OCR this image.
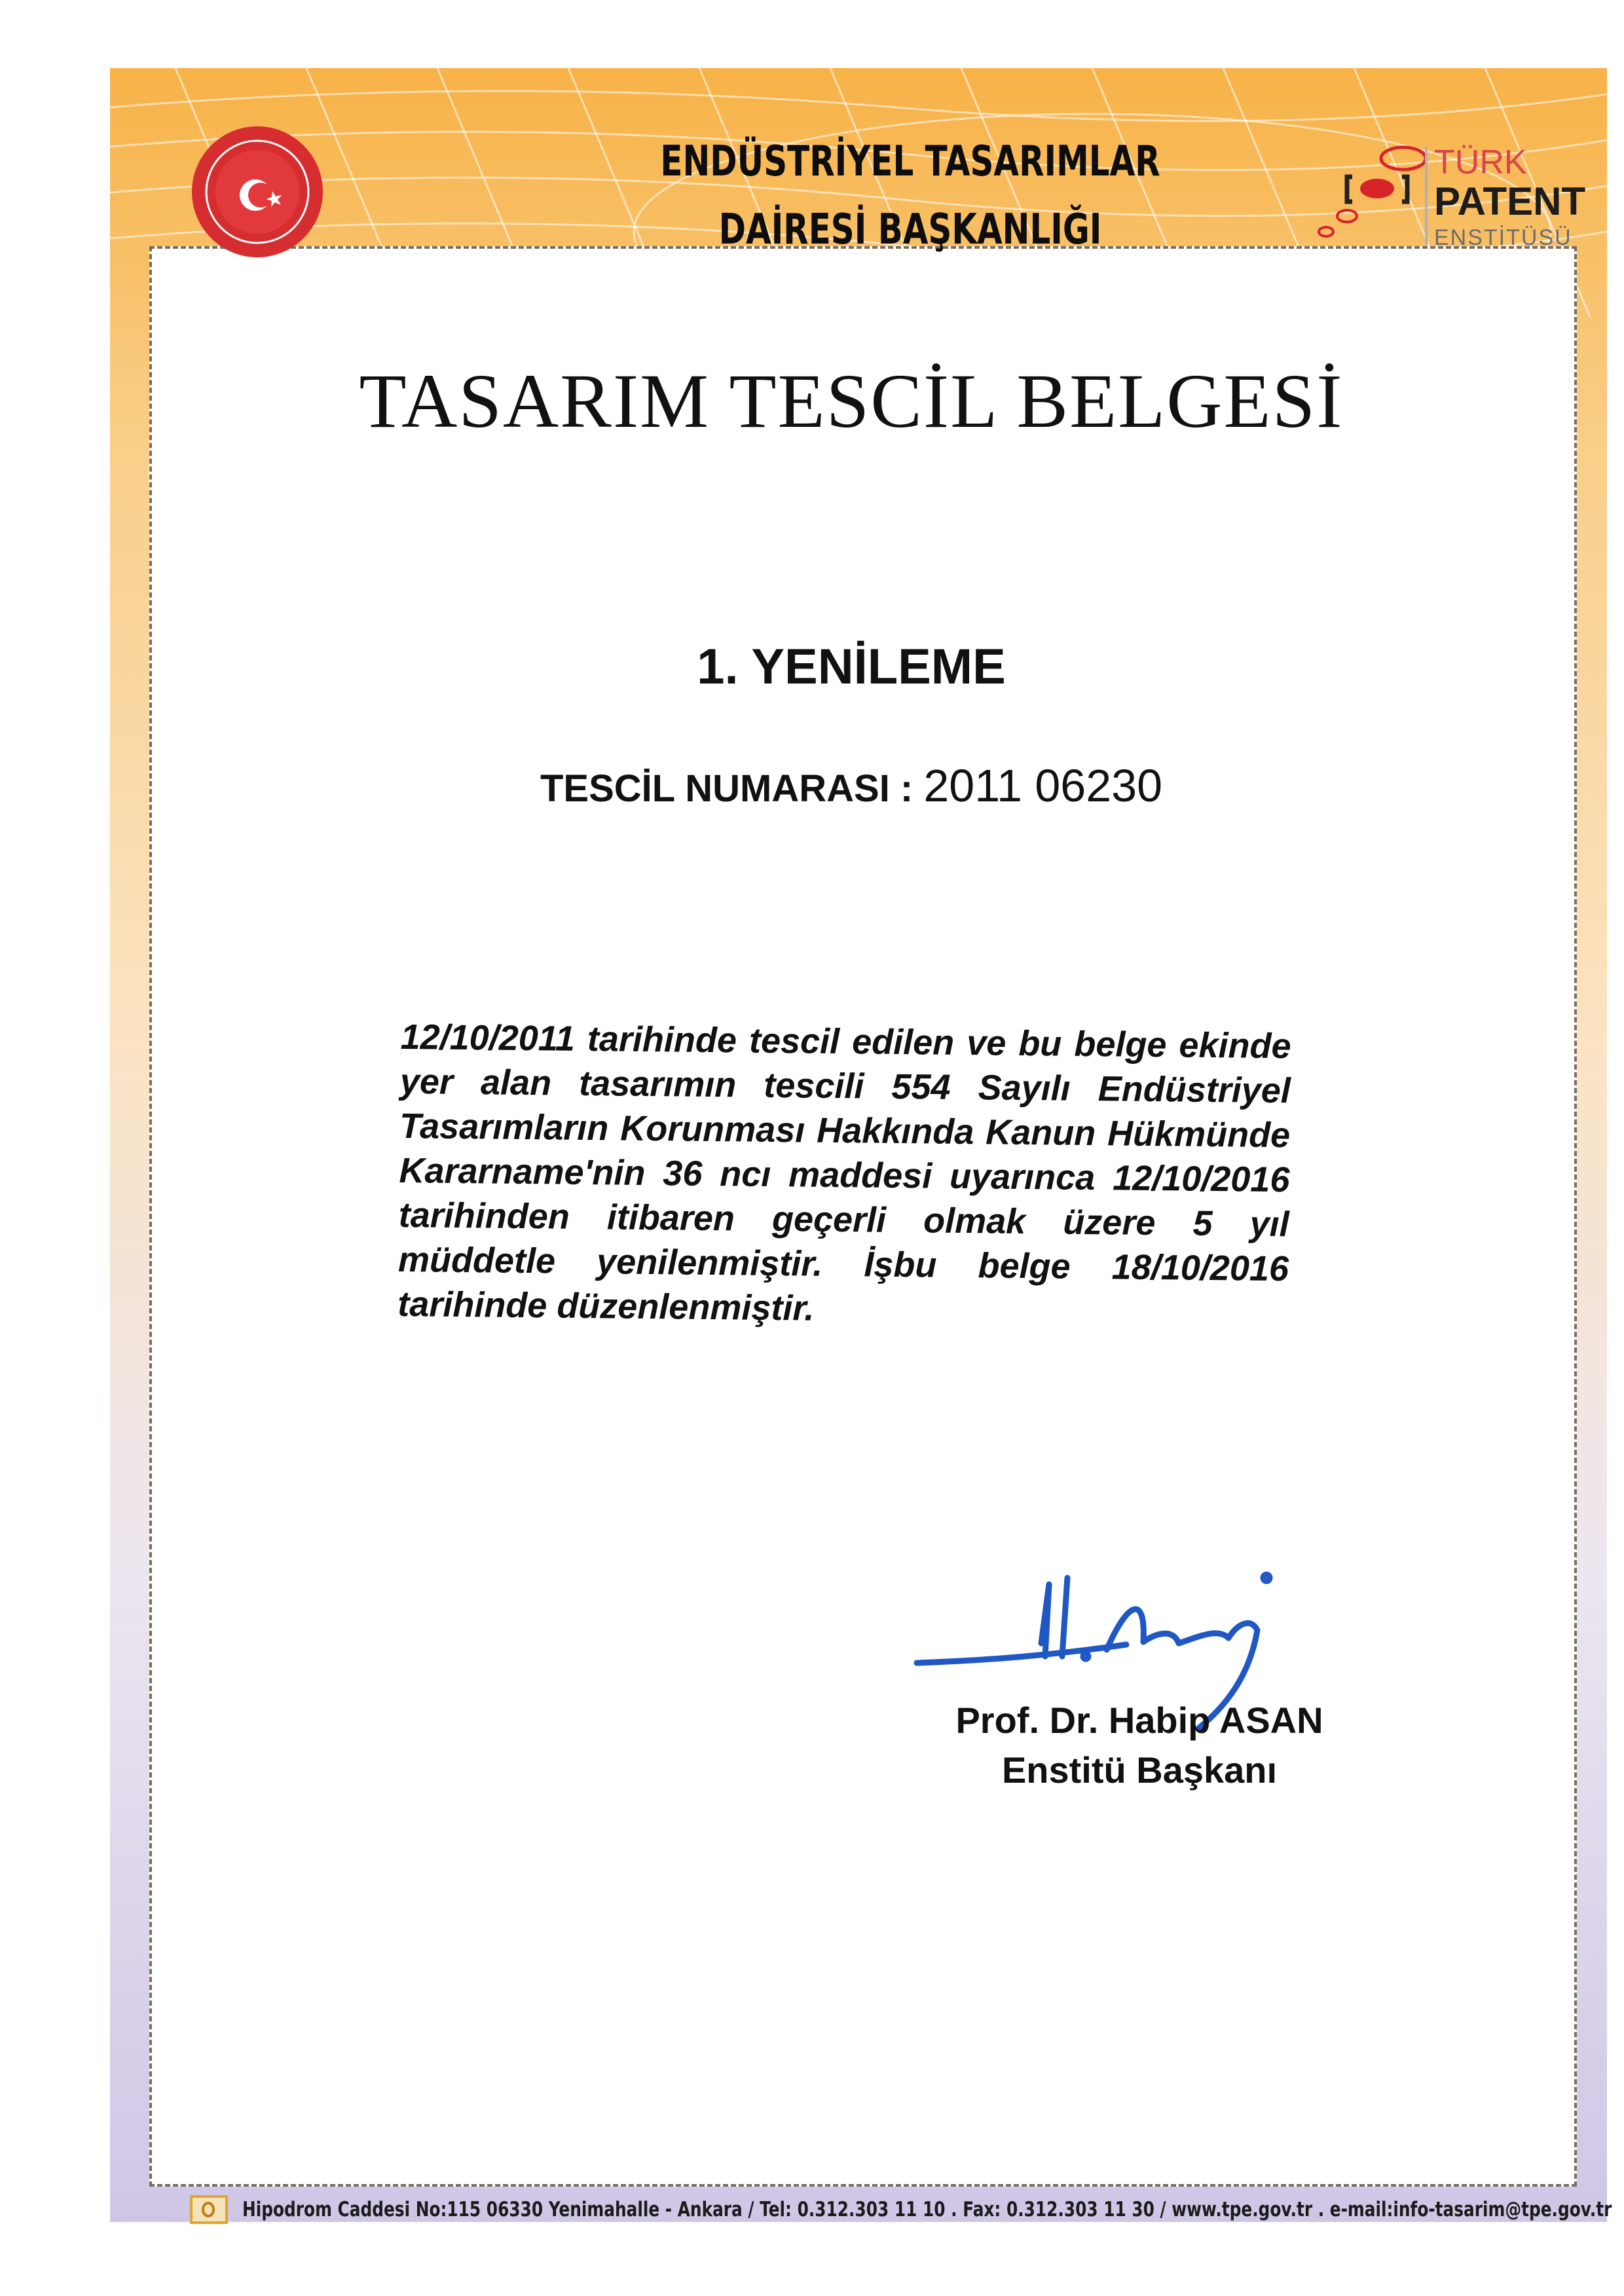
ENDÜSTRİYEL TASARIMLAR
DAİRESİ BAŞKANLIĞI
TÜRK
PATENT
ENSTİTÜSÜ
TASARIM TESCİL BELGESİ
1. YENİLEME
TESCİL NUMARASI : 2011 06230
12/10/2011 tarihinde tescil edilen ve bu belge ekinde yer alan tasarımın tescili 554 Sayılı Endüstriyel Tasarımların Korunması Hakkında Kanun Hükmünde Kararname'nin 36 ncı maddesi uyarınca 12/10/2016 tarihinden itibaren geçerli olmak üzere 5 yıl müddetle yenilenmiştir. İşbu belge 18/10/2016 tarihinde düzenlenmiştir.
Prof. Dr. Habip ASAN
Enstitü Başkanı
Hipodrom Caddesi No:115 06330 Yenimahalle - Ankara / Tel: 0.312.303 11 10 . Fax: 0.312.303 11 30 / www.tpe.gov.tr . e-mail:info-tasarim@tpe.gov.tr
